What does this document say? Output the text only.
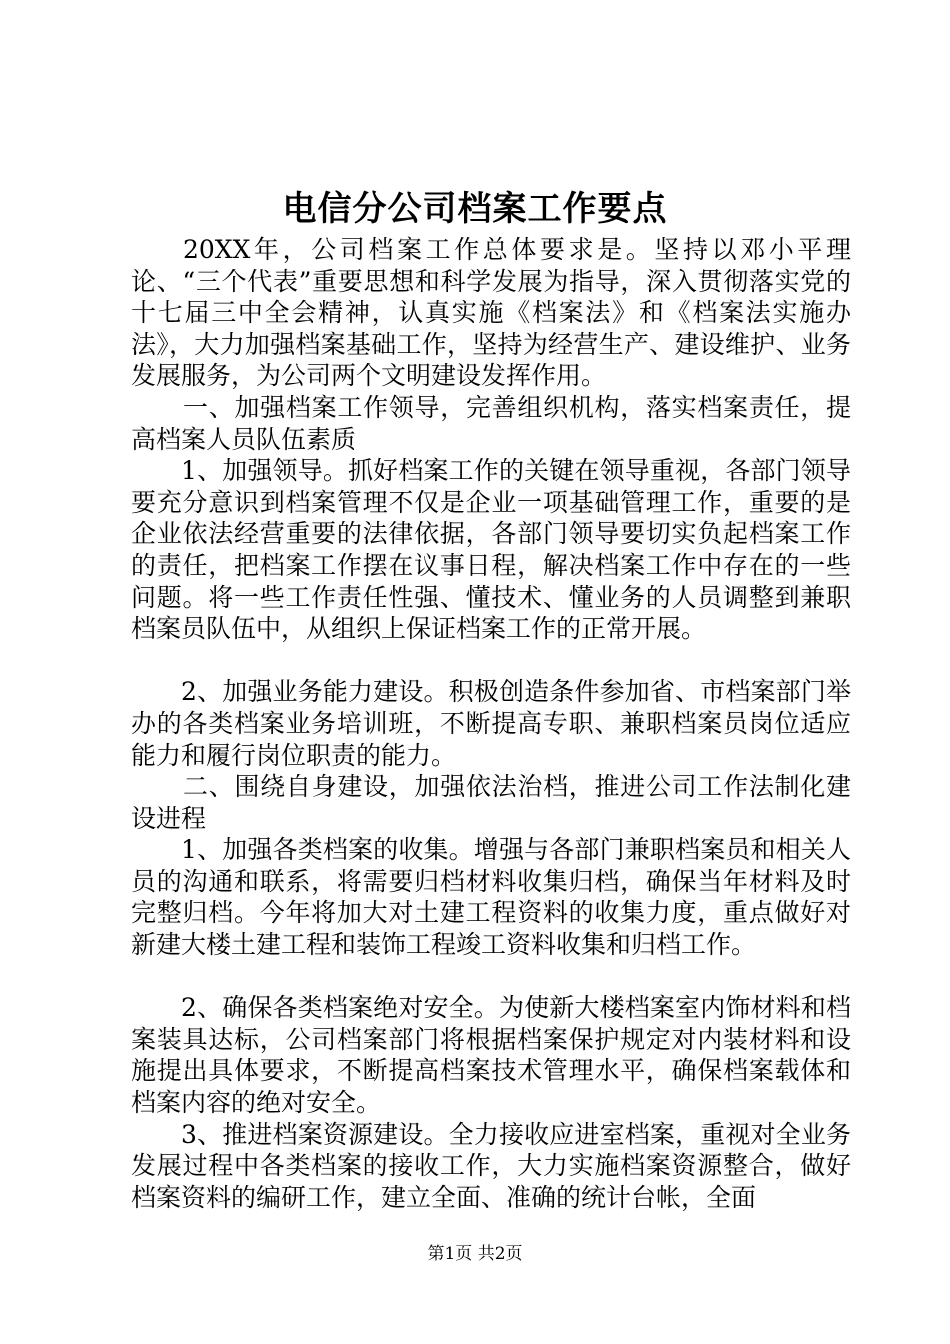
电信分公司档案工作要点

20XX年，公司档案工作总体要求是。坚持以邓小平理论、“三个代表”重要思想和科学发展为指导，深入贯彻落实党的十七届三中全会精神，认真实施《档案法》和《档案法实施办法》，大力加强档案基础工作，坚持为经营生产、建设维护、业务发展服务，为公司两个文明建设发挥作用。

一、加强档案工作领导，完善组织机构，落实档案责任，提高档案人员队伍素质

1、加强领导。抓好档案工作的关键在领导重视，各部门领导要充分意识到档案管理不仅是企业一项基础管理工作，重要的是企业依法经营重要的法律依据，各部门领导要切实负起档案工作的责任，把档案工作摆在议事日程，解决档案工作中存在的一些问题。将一些工作责任性强、懂技术、懂业务的人员调整到兼职档案员队伍中，从组织上保证档案工作的正常开展。

2、加强业务能力建设。积极创造条件参加省、市档案部门举办的各类档案业务培训班，不断提高专职、兼职档案员岗位适应能力和履行岗位职责的能力。

二、围绕自身建设，加强依法治档，推进公司工作法制化建设进程

1、加强各类档案的收集。增强与各部门兼职档案员和相关人员的沟通和联系，将需要归档材料收集归档，确保当年材料及时完整归档。今年将加大对土建工程资料的收集力度，重点做好对新建大楼土建工程和装饰工程竣工资料收集和归档工作。

2、确保各类档案绝对安全。为使新大楼档案室内饰材料和档案装具达标，公司档案部门将根据档案保护规定对内装材料和设施提出具体要求，不断提高档案技术管理水平，确保档案载体和档案内容的绝对安全。

3、推进档案资源建设。全力接收应进室档案，重视对全业务发展过程中各类档案的接收工作，大力实施档案资源整合，做好档案资料的编研工作，建立全面、准确的统计台帐，全面

第1页 共2页
